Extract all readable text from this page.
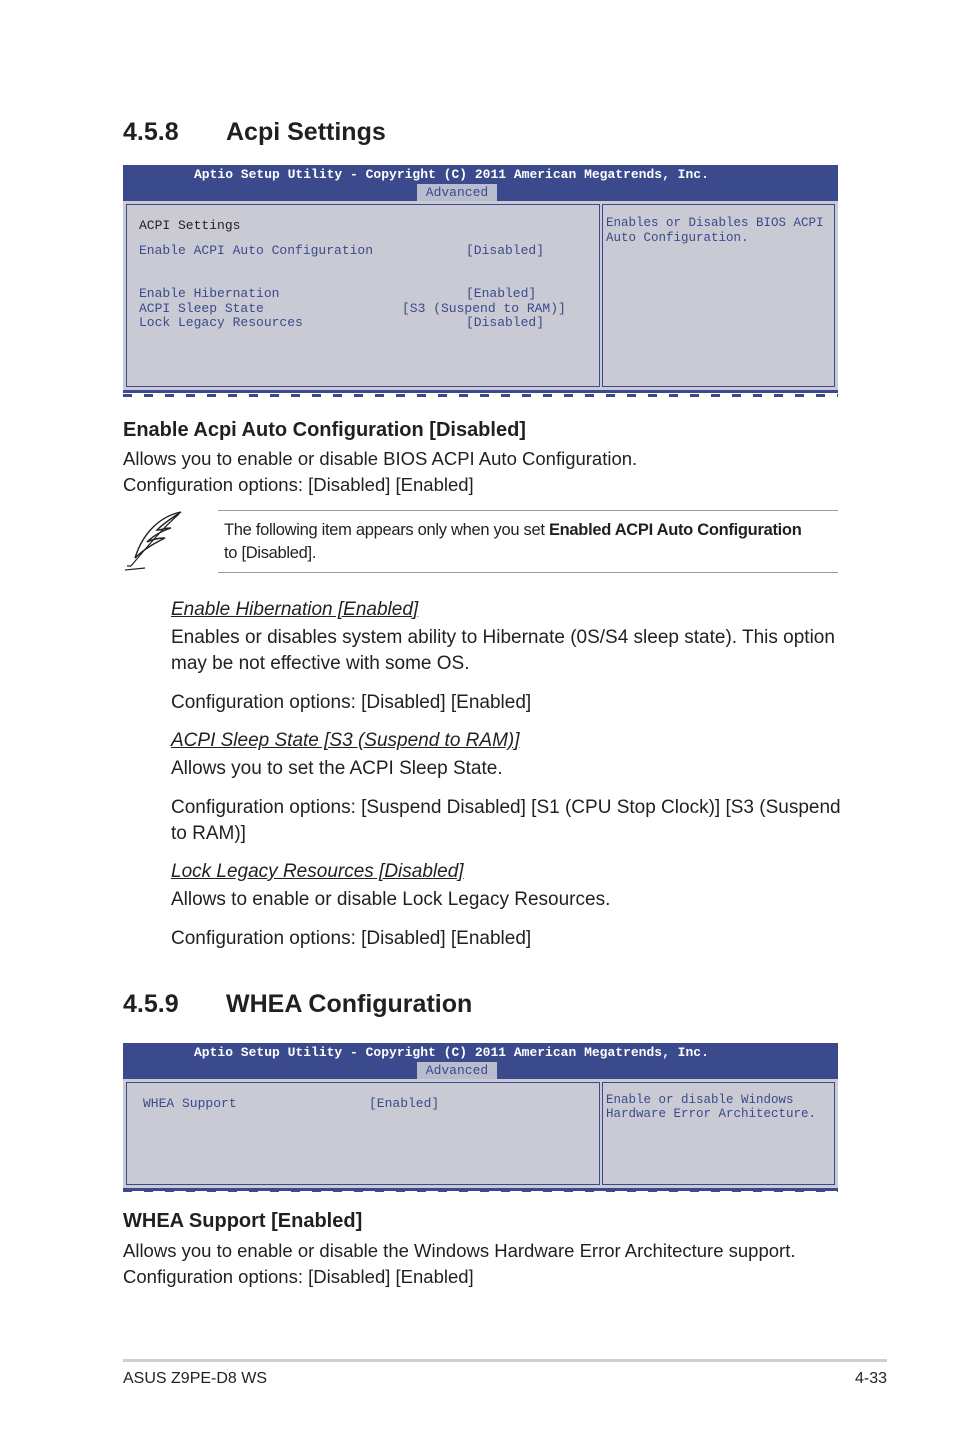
4.5.8 Acpi Settings
Aptio Setup Utility - Copyright (C) 2011 American Megatrends, Inc.
Advanced
ACPI Settings
Enable ACPI Auto Configuration	[Disabled]
Enable Hibernation	[Enabled]
ACPI Sleep State	[S3 (Suspend to RAM)]
Lock Legacy Resources	[Disabled]
Enables or Disables BIOS ACPI
Auto Configuration.
Enable Acpi Auto Configuration [Disabled]
Allows you to enable or disable BIOS ACPI Auto Configuration.
Configuration options: [Disabled] [Enabled]
The following item appears only when you set Enabled ACPI Auto Configuration
to [Disabled].
Enable Hibernation [Enabled]
Enables or disables system ability to Hibernate (0S/S4 sleep state). This option may be not effective with some OS.
Configuration options: [Disabled] [Enabled]
ACPI Sleep State [S3 (Suspend to RAM)]
Allows you to set the ACPI Sleep State.
Configuration options: [Suspend Disabled] [S1 (CPU Stop Clock)] [S3 (Suspend to RAM)]
Lock Legacy Resources [Disabled]
Allows to enable or disable Lock Legacy Resources.
Configuration options: [Disabled] [Enabled]
4.5.9 WHEA Configuration
Aptio Setup Utility - Copyright (C) 2011 American Megatrends, Inc.
Advanced
WHEA Support	[Enabled]	Enable or disable Windows
Hardware Error Architecture.
WHEA Support [Enabled]
Allows you to enable or disable the Windows Hardware Error Architecture support.
Configuration options: [Disabled] [Enabled]
ASUS Z9PE-D8 WS	4-33
